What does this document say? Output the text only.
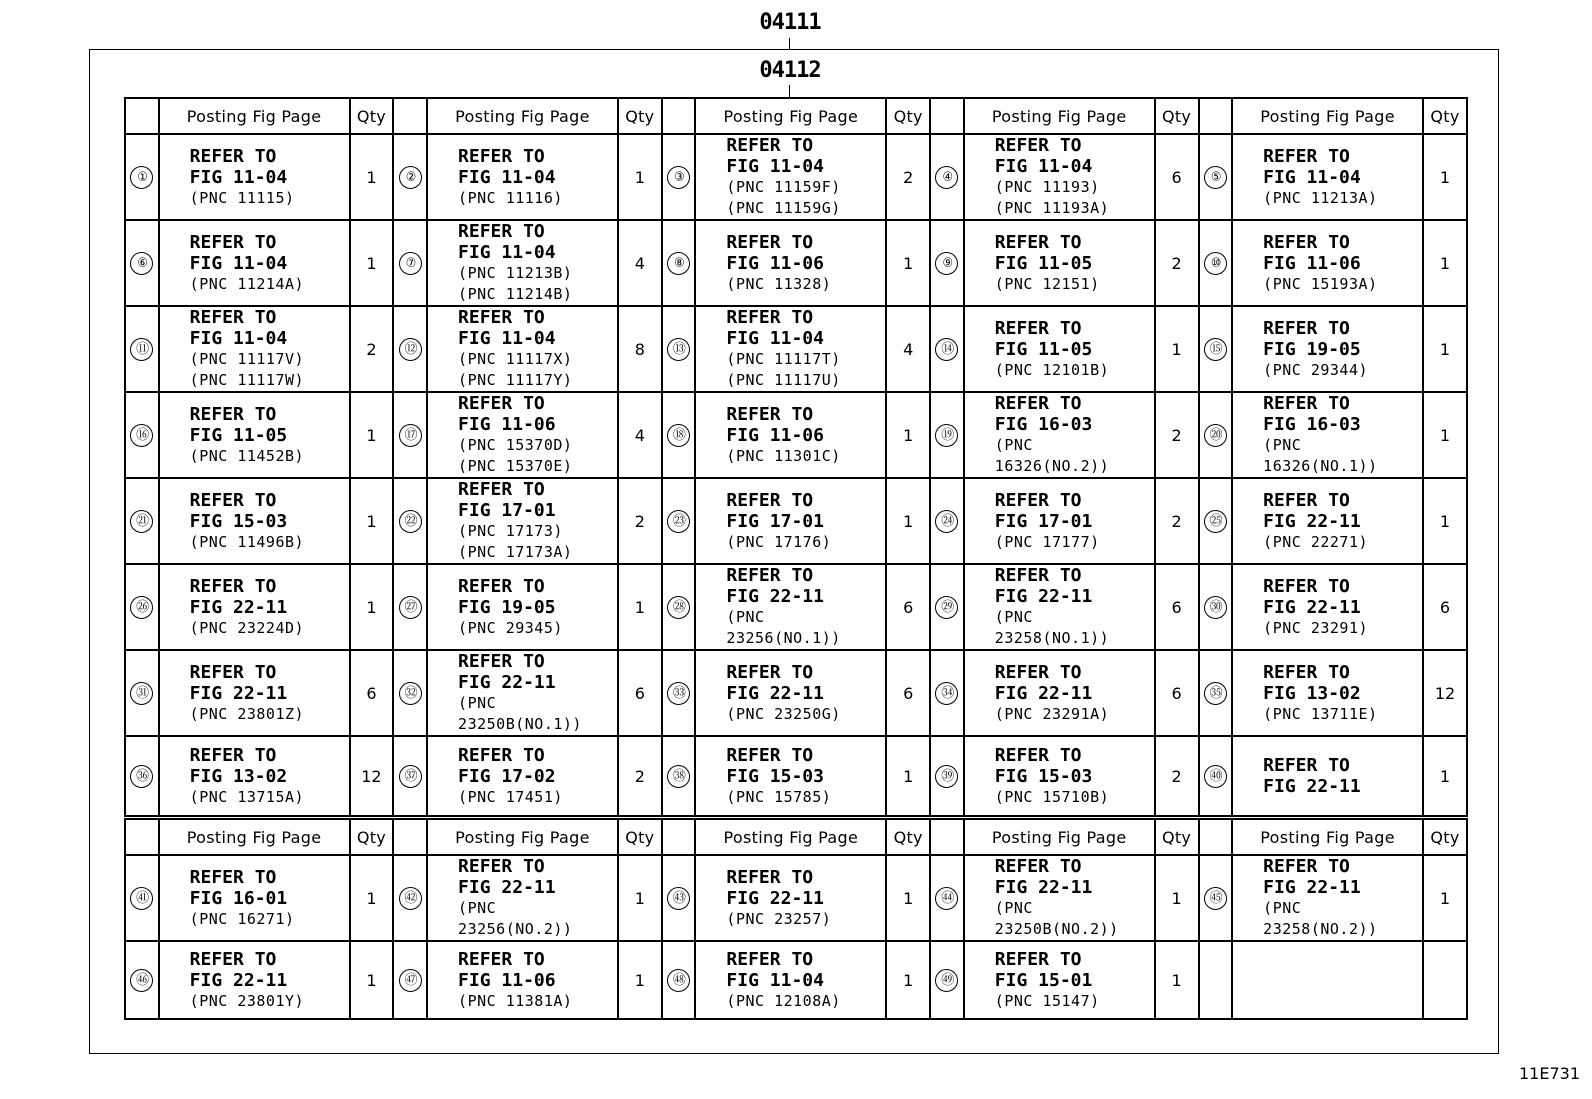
04111
04112
	Posting Fig Page	Qty		Posting Fig Page	Qty		Posting Fig Page	Qty		Posting Fig Page	Qty		Posting Fig Page	Qty
①	REFER TO
FIG 11-04
(PNC 11115)	1	②	REFER TO
FIG 11-04
(PNC 11116)	1	③	REFER TO
FIG 11-04
(PNC 11159F)
(PNC 11159G)	2	④	REFER TO
FIG 11-04
(PNC 11193)
(PNC 11193A)	6	⑤	REFER TO
FIG 11-04
(PNC 11213A)	1
⑥	REFER TO
FIG 11-04
(PNC 11214A)	1	⑦	REFER TO
FIG 11-04
(PNC 11213B)
(PNC 11214B)	4	⑧	REFER TO
FIG 11-06
(PNC 11328)	1	⑨	REFER TO
FIG 11-05
(PNC 12151)	2	⑩	REFER TO
FIG 11-06
(PNC 15193A)	1
⑪	REFER TO
FIG 11-04
(PNC 11117V)
(PNC 11117W)	2	⑫	REFER TO
FIG 11-04
(PNC 11117X)
(PNC 11117Y)	8	⑬	REFER TO
FIG 11-04
(PNC 11117T)
(PNC 11117U)	4	⑭	REFER TO
FIG 11-05
(PNC 12101B)	1	⑮	REFER TO
FIG 19-05
(PNC 29344)	1
⑯	REFER TO
FIG 11-05
(PNC 11452B)	1	⑰	REFER TO
FIG 11-06
(PNC 15370D)
(PNC 15370E)	4	⑱	REFER TO
FIG 11-06
(PNC 11301C)	1	⑲	REFER TO
FIG 16-03
(PNC 16326(NO.2))	2	⑳	REFER TO
FIG 16-03
(PNC 16326(NO.1))	1
㉑	REFER TO
FIG 15-03
(PNC 11496B)	1	㉒	REFER TO
FIG 17-01
(PNC 17173)
(PNC 17173A)	2	㉓	REFER TO
FIG 17-01
(PNC 17176)	1	㉔	REFER TO
FIG 17-01
(PNC 17177)	2	㉕	REFER TO
FIG 22-11
(PNC 22271)	1
㉖	REFER TO
FIG 22-11
(PNC 23224D)	1	㉗	REFER TO
FIG 19-05
(PNC 29345)	1	㉘	REFER TO
FIG 22-11
(PNC 23256(NO.1))	6	㉙	REFER TO
FIG 22-11
(PNC 23258(NO.1))	6	㉚	REFER TO
FIG 22-11
(PNC 23291)	6
㉛	REFER TO
FIG 22-11
(PNC 23801Z)	6	㉜	REFER TO
FIG 22-11
(PNC 23250B(NO.1))	6	㉝	REFER TO
FIG 22-11
(PNC 23250G)	6	㉞	REFER TO
FIG 22-11
(PNC 23291A)	6	㉟	REFER TO
FIG 13-02
(PNC 13711E)	12
㊱	REFER TO
FIG 13-02
(PNC 13715A)	12	㊲	REFER TO
FIG 17-02
(PNC 17451)	2	㊳	REFER TO
FIG 15-03
(PNC 15785)	1	㊴	REFER TO
FIG 15-03
(PNC 15710B)	2	㊵	REFER TO
FIG 22-11	1
	Posting Fig Page	Qty		Posting Fig Page	Qty		Posting Fig Page	Qty		Posting Fig Page	Qty		Posting Fig Page	Qty
㊶	REFER TO
FIG 16-01
(PNC 16271)	1	㊷	REFER TO
FIG 22-11
(PNC 23256(NO.2))	1	㊸	REFER TO
FIG 22-11
(PNC 23257)	1	㊹	REFER TO
FIG 22-11
(PNC 23250B(NO.2))	1	㊺	REFER TO
FIG 22-11
(PNC 23258(NO.2))	1
㊻	REFER TO
FIG 22-11
(PNC 23801Y)	1	㊼	REFER TO
FIG 11-06
(PNC 11381A)	1	㊽	REFER TO
FIG 11-04
(PNC 12108A)	1	㊾	REFER TO
FIG 15-01
(PNC 15147)	1			
11E731
